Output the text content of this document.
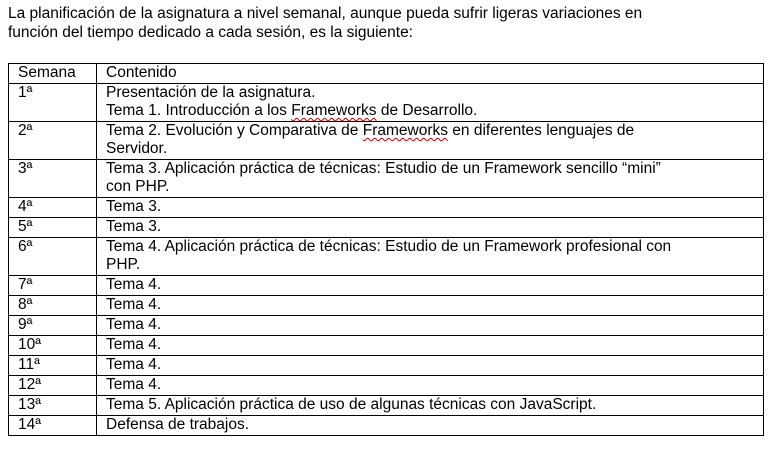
La planificación de la asignatura a nivel semanal, aunque pueda sufrir ligeras variaciones en
función del tiempo dedicado a cada sesión, es la siguiente:

Semana	Contenido
1ª	Presentación de la asignatura.
Tema 1. Introducción a los Frameworks de Desarrollo.

2ª	Tema 2. Evolución y Comparativa de Frameworks en diferentes lenguajes de
Servidor.

3ª	Tema 3. Aplicación práctica de técnicas: Estudio de un Framework sencillo “mini”
con PHP.

4ª	Tema 3.

5ª	Tema 3.

6ª	Tema 4. Aplicación práctica de técnicas: Estudio de un Framework profesional con
PHP.

7ª	Tema 4.

8ª	Tema 4.

9ª	Tema 4.

10ª	Tema 4.

11ª	Tema 4.

12ª	Tema 4.

13ª	Tema 5. Aplicación práctica de uso de algunas técnicas con JavaScript.

14ª	Defensa de trabajos.
